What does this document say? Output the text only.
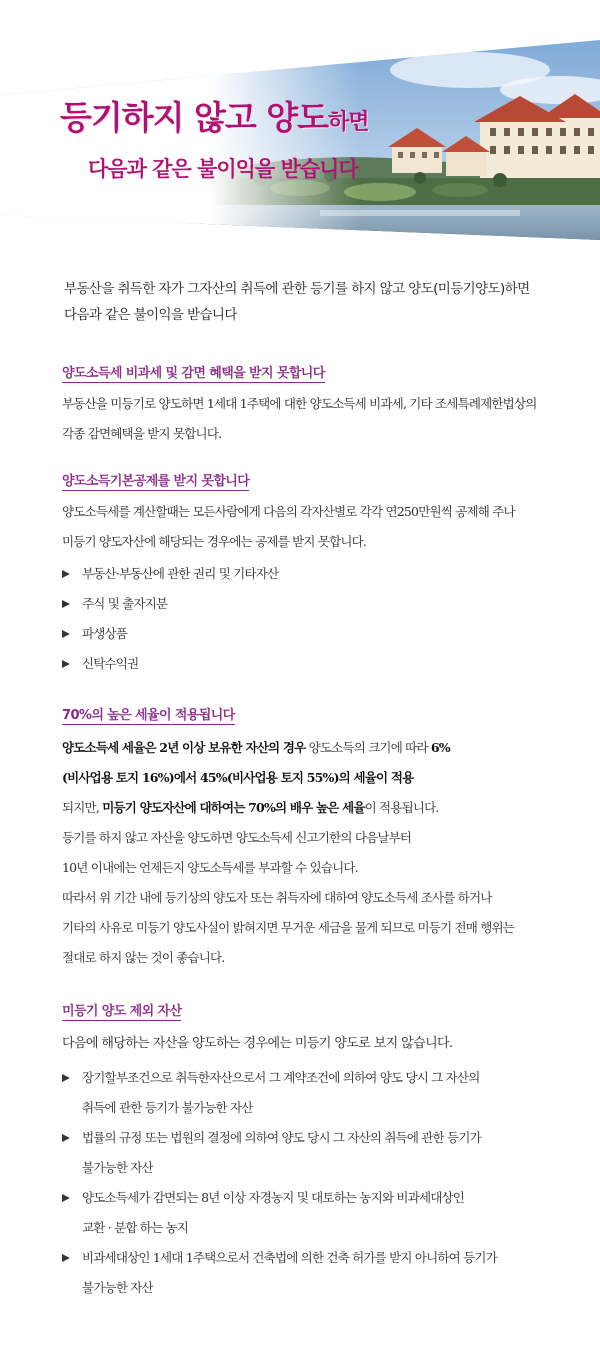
등기하지 않고 양도하면
다음과 같은 불이익을 받습니다
부동산을 취득한 자가 그자산의 취득에 관한 등기를 하지 않고 양도(미등기양도)하면
다음과 같은 불이익을 받습니다
양도소득세 비과세 및 감면 혜택을 받지 못합니다
부동산을 미등기로 양도하면 1세대 1주택에 대한 양도소득세 비과세, 기타 조세특례제한법상의
각종 감면혜택을 받지 못합니다.
양도소득기본공제를 받지 못합니다
양도소득세를 계산할때는 모든사람에게 다음의 각자산별로 각각 연250만원씩 공제해 주나
미등기 양도자산에 해당되는 경우에는 공제를 받지 못합니다.
부동산·부동산에 관한 권리 및 기타자산
주식 및 출자지분
파생상품
신탁수익권
70%의 높은 세율이 적용됩니다
양도소득세 세율은 2년 이상 보유한 자산의 경우 양도소득의 크기에 따라 6%
(비사업용 토지 16%)에서 45%(비사업용 토지 55%)의 세율이 적용
되지만, 미등기 양도자산에 대하여는 70%의 배우 높은 세율이 적용됩니다.
등기를 하지 않고 자산을 양도하면 양도소득세 신고기한의 다음날부터
10년 이내에는 언제든지 양도소득세를 부과할 수 있습니다.
따라서 위 기간 내에 등기상의 양도자 또는 취득자에 대하여 양도소득세 조사를 하거나
기타의 사유로 미등기 양도사실이 밝혀지면 무거운 세금을 물게 되므로 미등기 전매 행위는
절대로 하지 않는 것이 좋습니다.
미등기 양도 제외 자산
다음에 해당하는 자산을 양도하는 경우에는 미등기 양도로 보지 않습니다.
장기할부조건으로 취득한자산으로서 그 계약조건에 의하여 양도 당시 그 자산의
취득에 관한 등기가 불가능한 자산
법률의 규정 또는 법원의 결정에 의하여 양도 당시 그 자산의 취득에 관한 등기가
불가능한 자산
양도소득세가 감면되는 8년 이상 자경농지 및 대토하는 농지와 비과세대상인
교환 · 분합 하는 농지
비과세대상인 1세대 1주택으로서 건축법에 의한 건축 허가를 받지 아니하여 등기가
불가능한 자산
